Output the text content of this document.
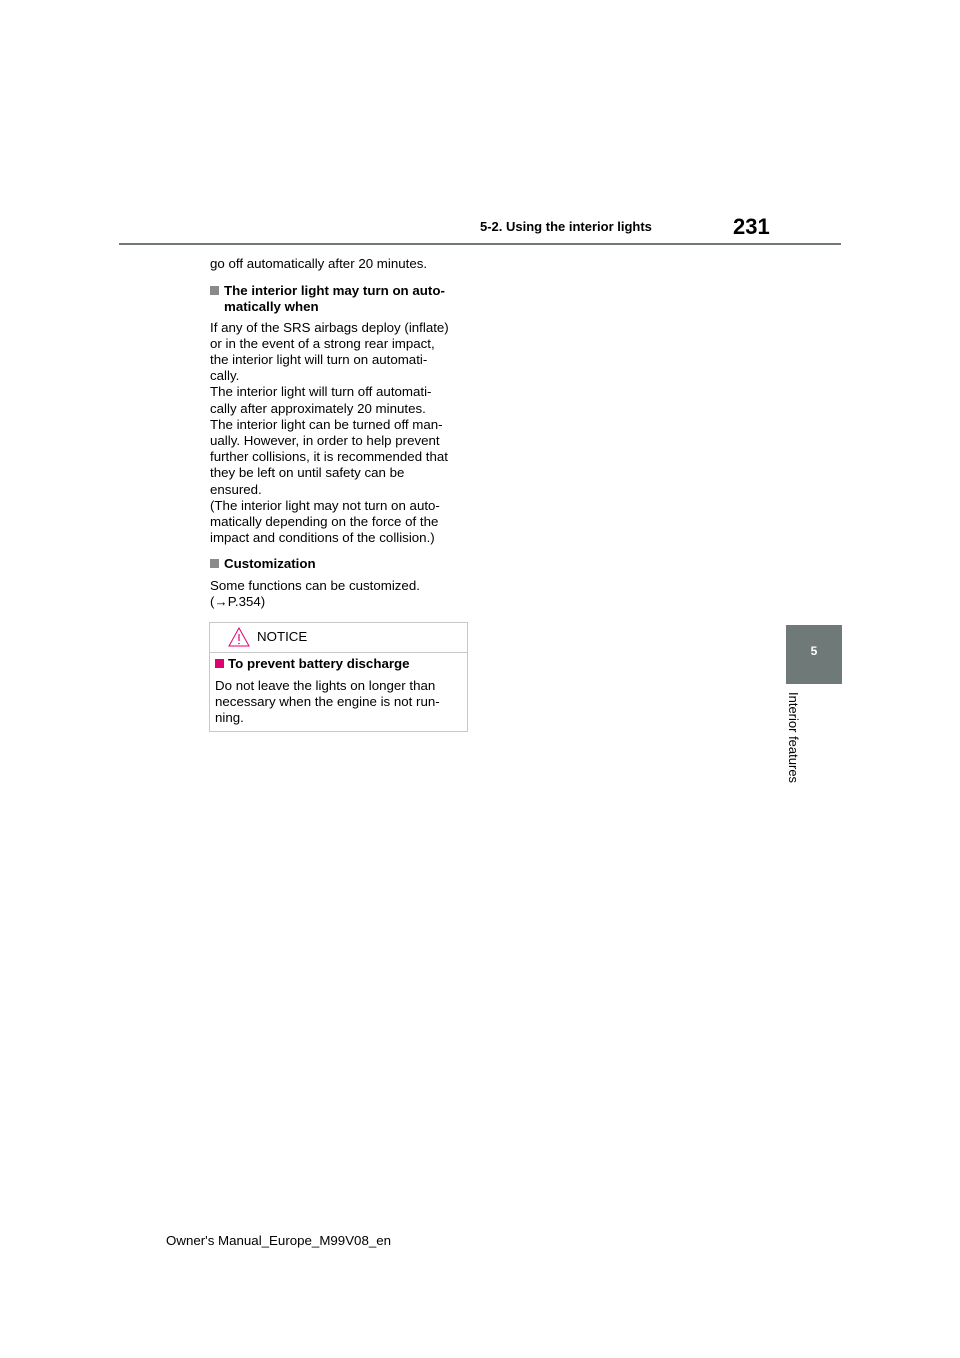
5-2. Using the interior lights	231

go off automatically after 20 minutes.

The interior light may turn on auto-
matically when

If any of the SRS airbags deploy (inflate)

or in the event of a strong rear impact,

the interior light will turn on automati-

cally.

The interior light will turn off automati-

cally after approximately 20 minutes.

The interior light can be turned off man-

ually. However, in order to help prevent

further collisions, it is recommended that

they be left on until safety can be

ensured.

(The interior light may not turn on auto-

matically depending on the force of the

impact and conditions of the collision.)

Customization

Some functions can be customized.

(→P.354)

NOTICE
To prevent battery discharge
Do not leave the lights on longer than
necessary when the engine is not run-
ning.
5
Interior features
Owner's Manual_Europe_M99V08_en
